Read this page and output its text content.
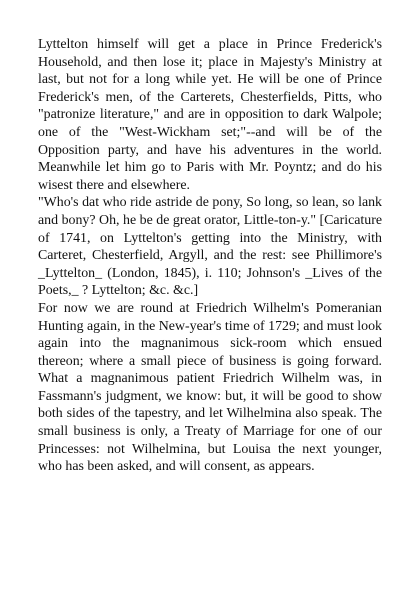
Lyttelton himself will get a place in Prince Frederick's Household, and then lose it; place in Majesty's Ministry at last, but not for a long while yet. He will be one of Prince Frederick's men, of the Carterets, Chesterfields, Pitts, who "patronize literature," and are in opposition to dark Walpole; one of the "West-Wickham set;"--and will be of the Opposition party, and have his adventures in the world. Meanwhile let him go to Paris with Mr. Poyntz; and do his wisest there and elsewhere.

"Who's dat who ride astride de pony, So long, so lean, so lank and bony? Oh, he be de great orator, Little-ton-y." [Caricature of 1741, on Lyttelton's getting into the Ministry, with Carteret, Chesterfield, Argyll, and the rest: see Phillimore's _Lyttelton_ (London, 1845), i. 110; Johnson's _Lives of the Poets,_ ? Lyttelton; &c. &c.]

For now we are round at Friedrich Wilhelm's Pomeranian Hunting again, in the New-year's time of 1729; and must look again into the magnanimous sick-room which ensued thereon; where a small piece of business is going forward. What a magnanimous patient Friedrich Wilhelm was, in Fassmann's judgment, we know: but, it will be good to show both sides of the tapestry, and let Wilhelmina also speak. The small business is only, a Treaty of Marriage for one of our Princesses: not Wilhelmina, but Louisa the next younger, who has been asked, and will consent, as appears.
